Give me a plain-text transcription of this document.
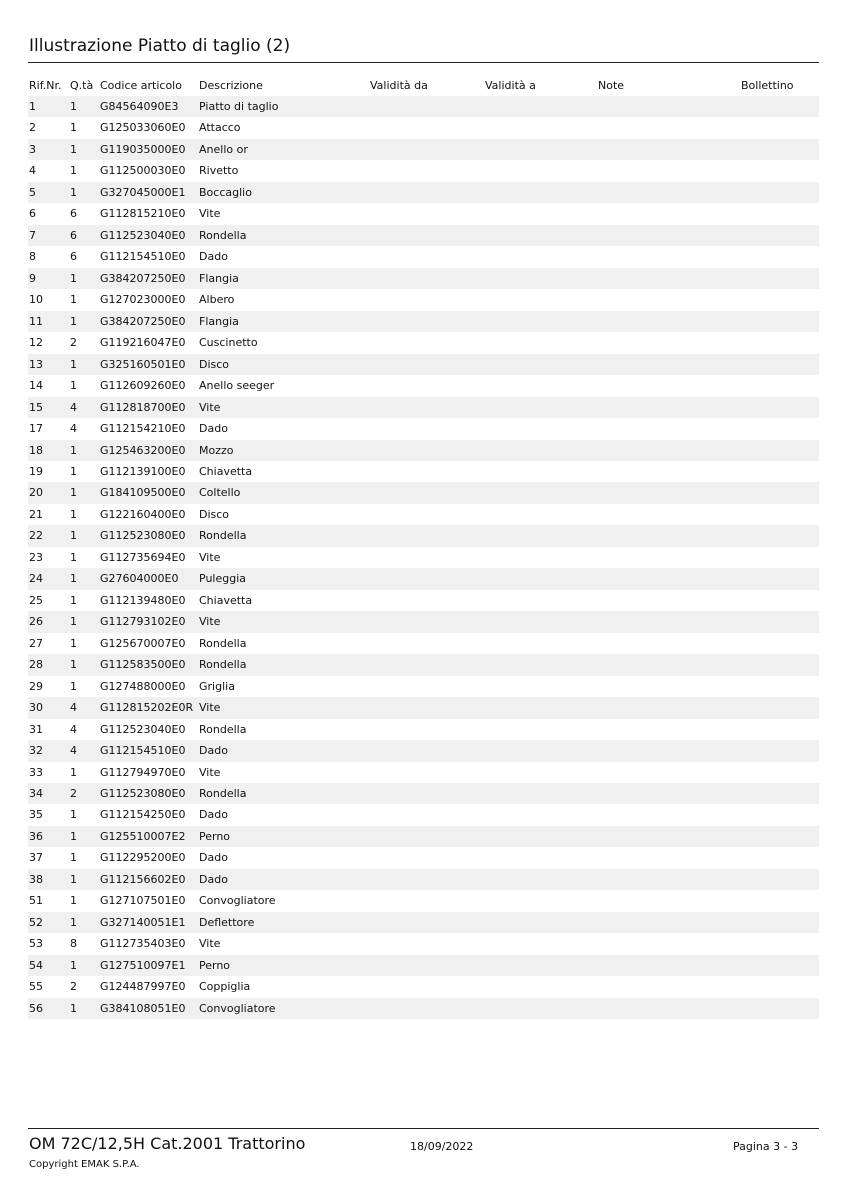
Illustrazione Piatto di taglio (2)
Rif.Nr. Q.tà Codice articolo Descrizione	Validità da	Validità a	Note	Bollettino
1	1 G84564090E3 Piatto di taglio
2	1 G125033060E0 Attacco
3	1 G119035000E0 Anello or
4	1 G112500030E0 Rivetto
5	1 G327045000E1 Boccaglio
6	6 G112815210E0 Vite
7	6 G112523040E0 Rondella
8	6 G112154510E0 Dado
9	1 G384207250E0 Flangia
10 1 G127023000E0 Albero
11 1 G384207250E0 Flangia
12 2 G119216047E0 Cuscinetto
13 1 G325160501E0 Disco
14 1 G112609260E0 Anello seeger
15 4 G112818700E0 Vite
17 4 G112154210E0 Dado
18 1 G125463200E0 Mozzo
19 1 G112139100E0 Chiavetta
20 1 G184109500E0 Coltello
21 1 G122160400E0 Disco
22 1 G112523080E0 Rondella
23 1 G112735694E0 Vite
24 1 G27604000E0 Puleggia
25 1 G112139480E0 Chiavetta
26 1 G112793102E0 Vite
27 1 G125670007E0 Rondella
28 1 G112583500E0 Rondella
29 1 G127488000E0 Griglia
30 4 G112815202E0R Vite
31 4 G112523040E0 Rondella
32 4 G112154510E0 Dado
33 1 G112794970E0 Vite
34 2 G112523080E0 Rondella
35 1 G112154250E0 Dado
36 1 G125510007E2 Perno
37 1 G112295200E0 Dado
38 1 G112156602E0 Dado
51 1 G127107501E0 Convogliatore
52 1 G327140051E1 Deflettore
53 8 G112735403E0 Vite
54 1 G127510097E1 Perno
55 2 G124487997E0 Coppiglia
56 1 G384108051E0 Convogliatore
OM 72C/12,5H Cat.2001 Trattorino	18/09/2022	Pagina 3 - 3
Copyright EMAK S.P.A.
